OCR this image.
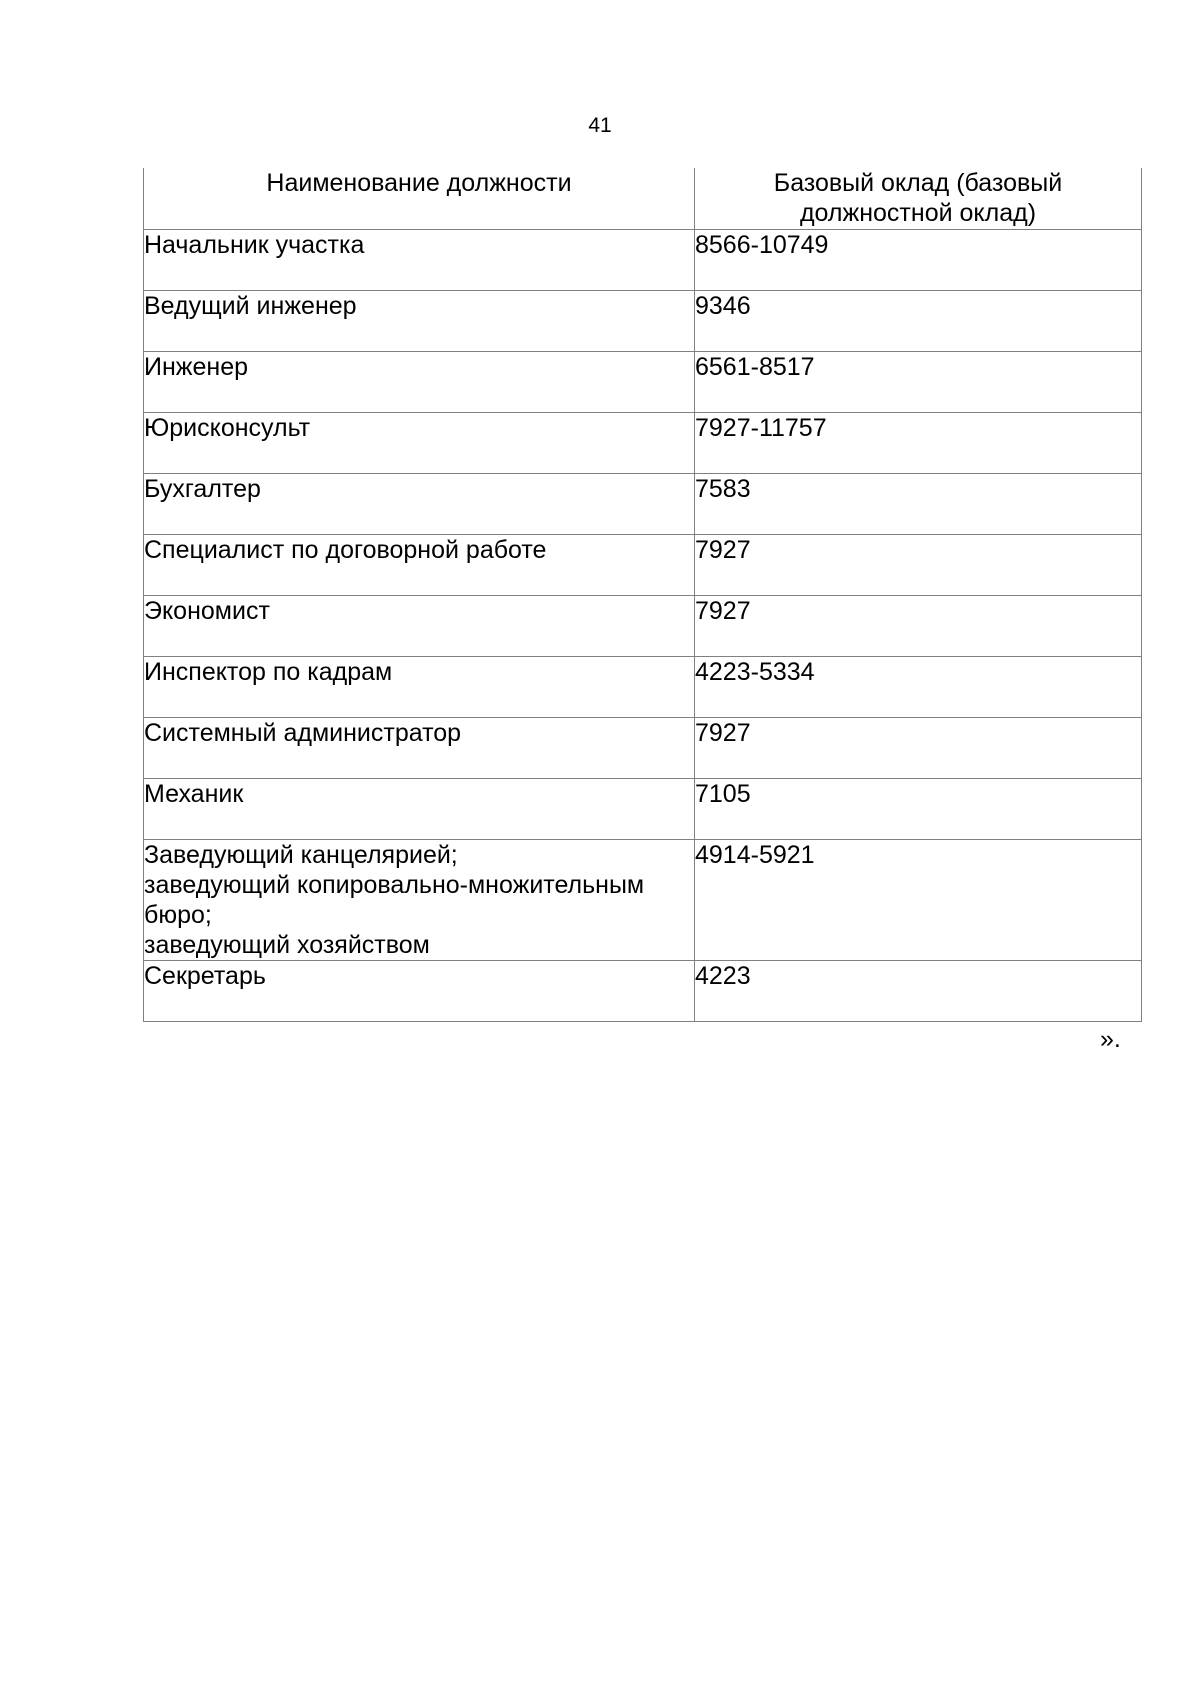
41
Наименование должности	Базовый оклад (базовый
должностной оклад)
Начальник участка	8566-10749
Ведущий инженер	9346
Инженер	6561-8517
Юрисконсульт	7927-11757
Бухгалтер	7583
Специалист по договорной работе	7927
Экономист	7927
Инспектор по кадрам	4223-5334
Системный администратор	7927
Механик	7105
Заведующий канцелярией;
заведующий копировально-множительным
бюро;
заведующий хозяйством	4914-5921
Секретарь	4223
».
